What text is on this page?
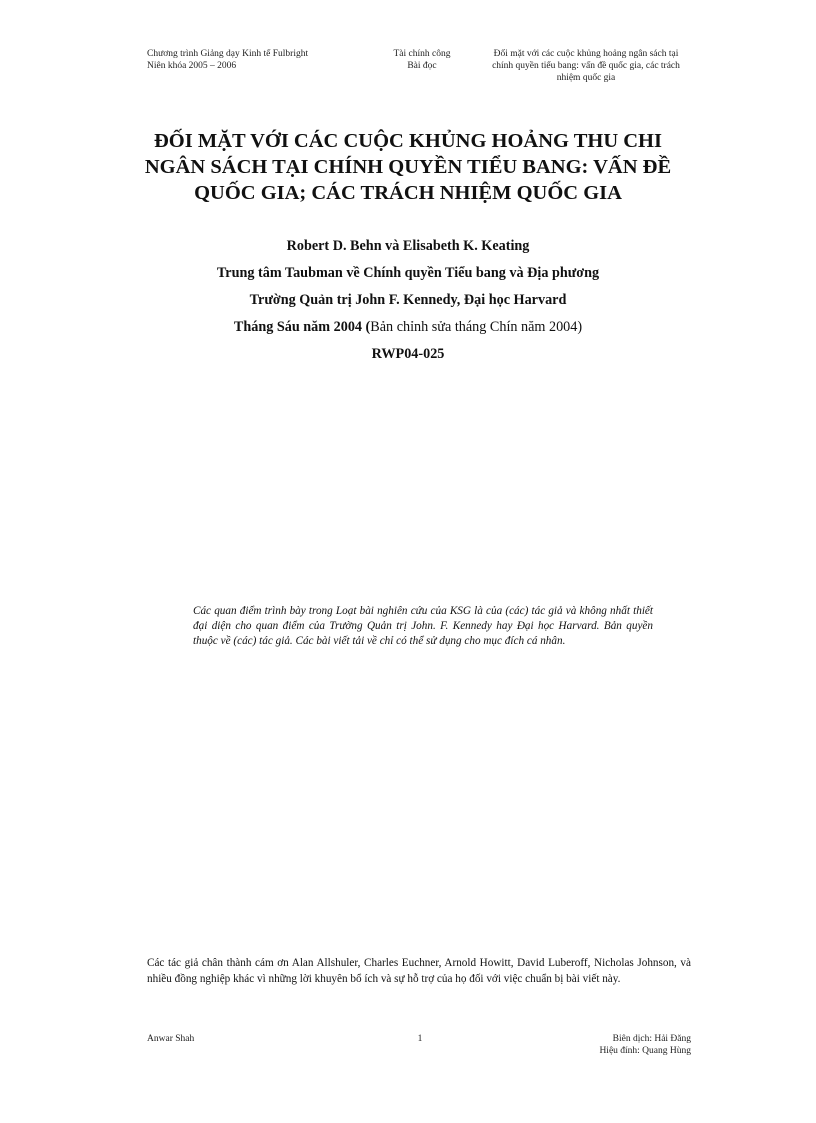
Chương trình Giảng dạy Kinh tế Fulbright
Niên khóa 2005 – 2006
Tài chính công
Bài đọc
Đối mặt với các cuộc khủng hoảng ngân sách tại
chính quyền tiểu bang: vấn đề quốc gia, các trách
nhiệm quốc gia
ĐỐI MẶT VỚI CÁC CUỘC KHỦNG HOẢNG THU CHI
NGÂN SÁCH TẠI CHÍNH QUYỀN TIỂU BANG: VẤN ĐỀ
QUỐC GIA; CÁC TRÁCH NHIỆM QUỐC GIA
Robert D. Behn và Elisabeth K. Keating
Trung tâm Taubman về Chính quyền Tiểu bang và Địa phương
Trường Quản trị John F. Kennedy, Đại học Harvard
Tháng Sáu năm 2004 (Bản chỉnh sửa tháng Chín năm 2004)
RWP04-025
Các quan điểm trình bày trong Loạt bài nghiên cứu của KSG là của (các) tác giả và không nhất thiết đại diện cho quan điểm của Trường Quản trị John. F. Kennedy hay Đại học Harvard. Bản quyền thuộc về (các) tác giả. Các bài viết tải về chỉ có thể sử dụng cho mục đích cá nhân.
Các tác giả chân thành cám ơn Alan Allshuler, Charles Euchner, Arnold Howitt, David Luberoff, Nicholas Johnson, và nhiều đồng nghiệp khác vì những lời khuyên bổ ích và sự hỗ trợ của họ đối với việc chuẩn bị bài viết này.
Anwar Shah	1	Biên dịch: Hải Đăng
Hiệu đính: Quang Hùng
